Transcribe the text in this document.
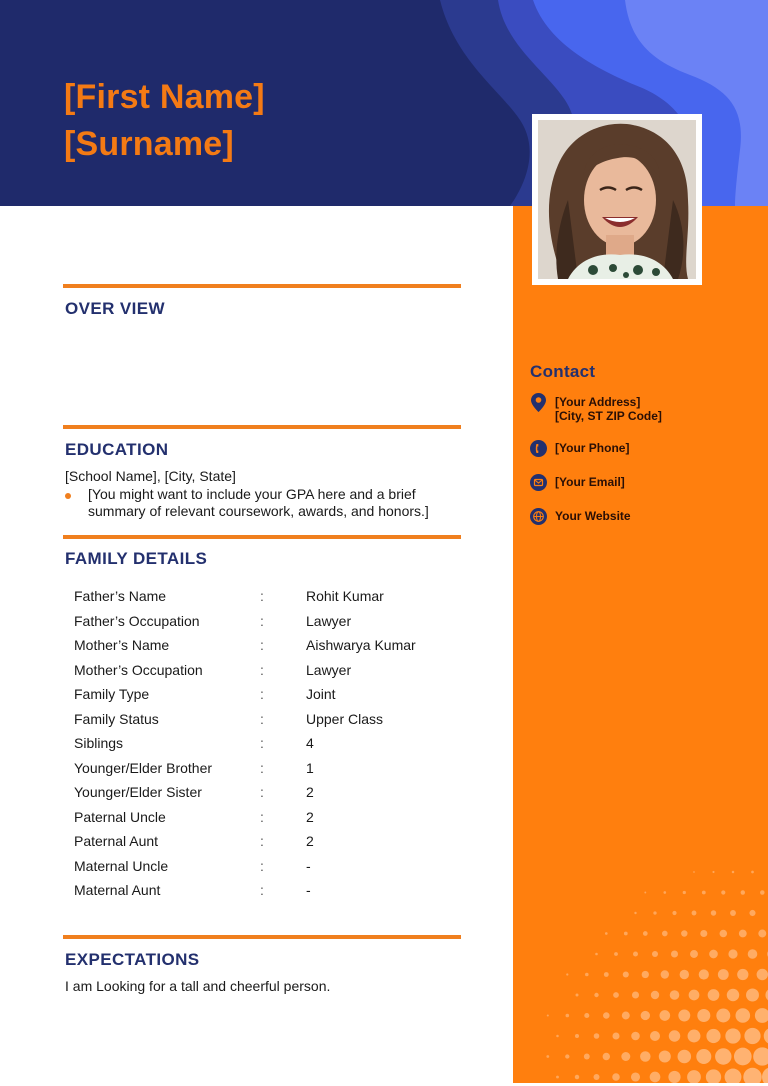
[First Name]
[Surname]
Contact
[Your Address]
[City, ST ZIP Code]
[Your Phone]
[Your Email]
Your Website
OVER VIEW
EDUCATION
[School Name], [City, State]
[You might want to include your GPA here and a brief
summary of relevant coursework, awards, and honors.]
FAMILY DETAILS
Father’s Name	:	Rohit Kumar
Father’s Occupation	:	Lawyer
Mother’s Name	:	Aishwarya Kumar
Mother’s Occupation	:	Lawyer
Family Type	:	Joint
Family Status	:	Upper Class
Siblings	:	4
Younger/Elder Brother	:	1
Younger/Elder Sister	:	2
Paternal Uncle	:	2
Paternal Aunt	:	2
Maternal Uncle	:	-
Maternal Aunt	:	-
EXPECTATIONS
I am Looking for a tall and cheerful person.
